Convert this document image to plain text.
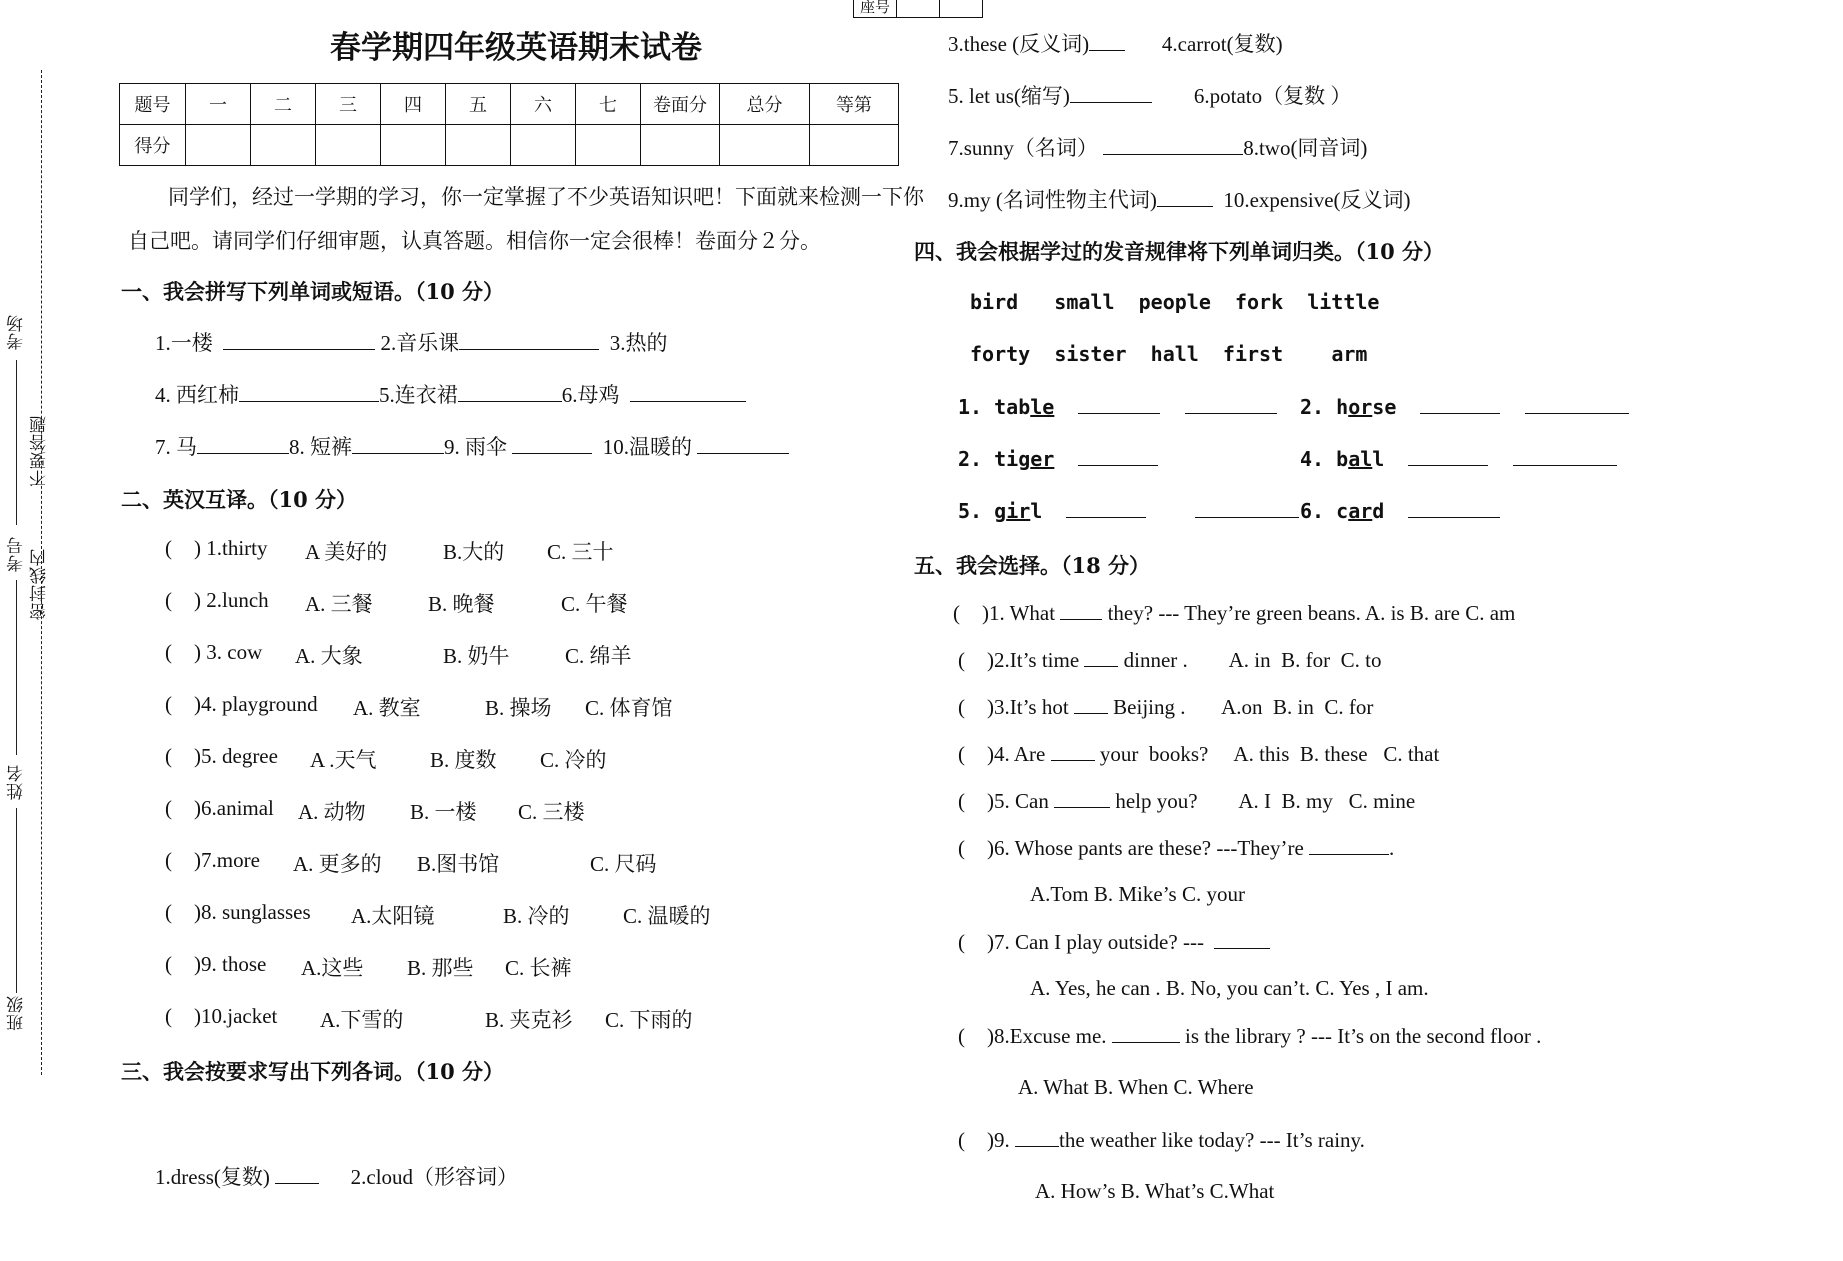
考场
不要答题
考号 密封线内
姓名
班级
座号
春学期四年级英语期末试卷
题号	一	二	三	四	五	六	七	卷面分	总分	等第
得分										
同学们，经过一学期的学习，你一定掌握了不少英语知识吧！下面就来检测一下你
自己吧。请同学们仔细审题，认真答题。相信你一定会很棒！卷面分２分。
一、我会拼写下列单词或短语。（10 分）
1.一楼	2.音乐课	3.热的
4. 西红柿	5.连衣裙	6.母鸡
7. 马	8. 短裤	9. 雨伞	10.温暖的
二、英汉互译。（10 分）
( ) 1.thirty A 美好的	B.大的 C. 三十
( ) 2.lunch A. 三餐	B. 晚餐	C. 午餐
( ) 3. cow A. 大象	B. 奶牛	C. 绵羊
( )4. playground A. 教室	B. 操场 C. 体育馆
( )5. degree A .天气	B. 度数 C. 冷的
( )6.animal A. 动物 B. 一楼 C. 三楼
( )7.more A. 更多的 B.图书馆	C. 尺码
( )8. sunglasses A.太阳镜	B. 冷的	C. 温暖的
( )9. those A.这些 B. 那些 C. 长裤
( )10.jacket A.下雪的	B. 夹克衫 C. 下雨的
三、我会按要求写出下列各词。（10 分）
1.dress(复数)	2.cloud（形容词）
3.these (反义词)	4.carrot(复数)
5. let us(缩写)	6.potato（复数 ）
7.sunny（名词）	8.two(同音词)
9.my (名词性物主代词)	10.expensive(反义词)
四、我会根据学过的发音规律将下列单词归类。（10 分）
bird small people fork little
forty sister hall first arm
1. table	2. horse
2. tiger	4. ball
5. girl	6. card
五、我会选择。（18 分）
( )1. What	they? --- They’re green beans. A. is B. are C. am
( )2.It’s time dinner .        A. in  B. for  C. to
( )3.It’s hot Beijing .       A.on  B. in  C. for
( )4. Are	your  books?     A. this  B. these   C. that
( )5. Can	help you?        A. I  B. my   C. mine
( )6. Whose pants are these? ---They’re	.
A.Tom B. Mike’s C. your
( )7. Can I play outside? ---
A. Yes, he can . B. No, you can’t. C. Yes , I am.
( )8.Excuse me.	is the library ? --- It’s on the second floor .
A. What B. When C. Where
( )9. the weather like today? --- It’s rainy.
A. How’s B. What’s C.What
